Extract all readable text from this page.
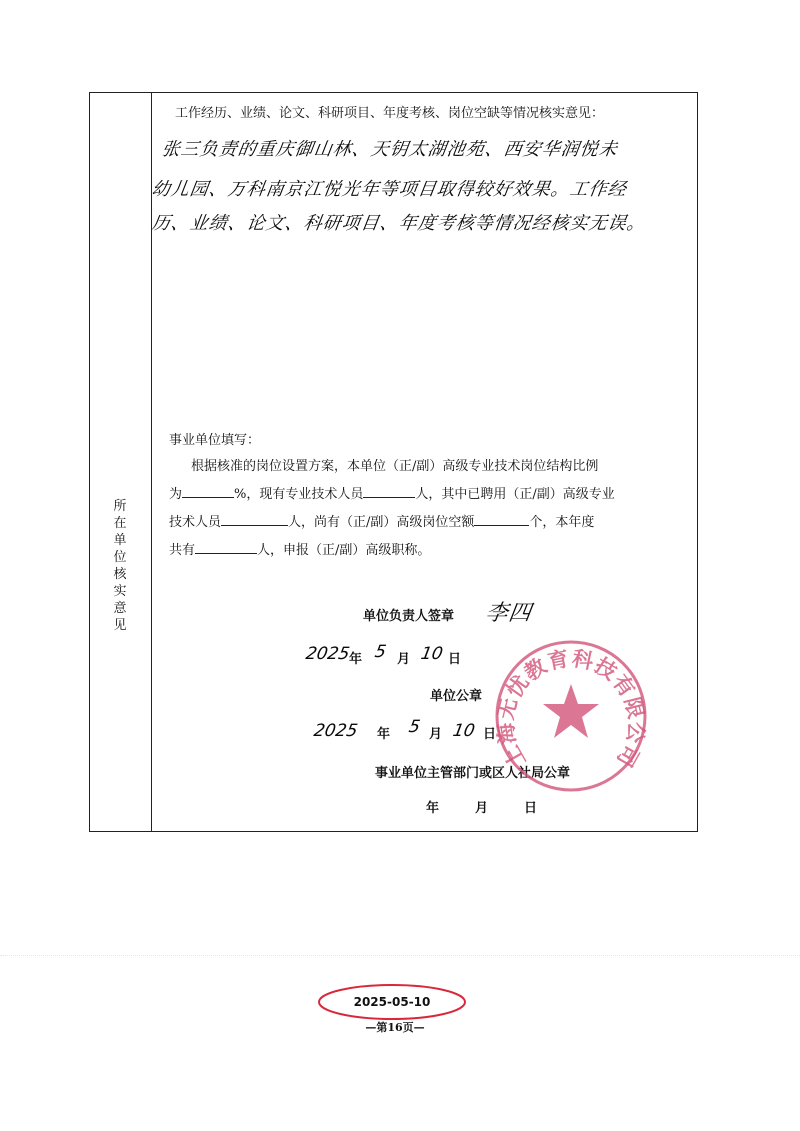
所在单位核实意见
工作经历、业绩、论文、科研项目、年度考核、岗位空缺等情况核实意见：
张三负责的重庆御山林、天钥太湖池苑、西安华润悦未
幼儿园、万科南京江悦光年等项目取得较好效果。工作经
历、业绩、论文、科研项目、年度考核等情况经核实无误。
事业单位填写：
根据核准的岗位设置方案，本单位（正/副）高级专业技术岗位结构比例
为	%，现有专业技术人员	人，其中已聘用（正/副）高级专业
技术人员	人，尚有（正/副）高级岗位空额	个，本年度
共有	人，申报（正/副）高级职称。
单位负责人签章 李四
2025
年 5 月 10 日
单位公章
2025 年 5 月 10 日
事业单位主管部门或区人社局公章
年	月	日
上海无忧教育科技有限公司
2025-05-10
—第16页—
